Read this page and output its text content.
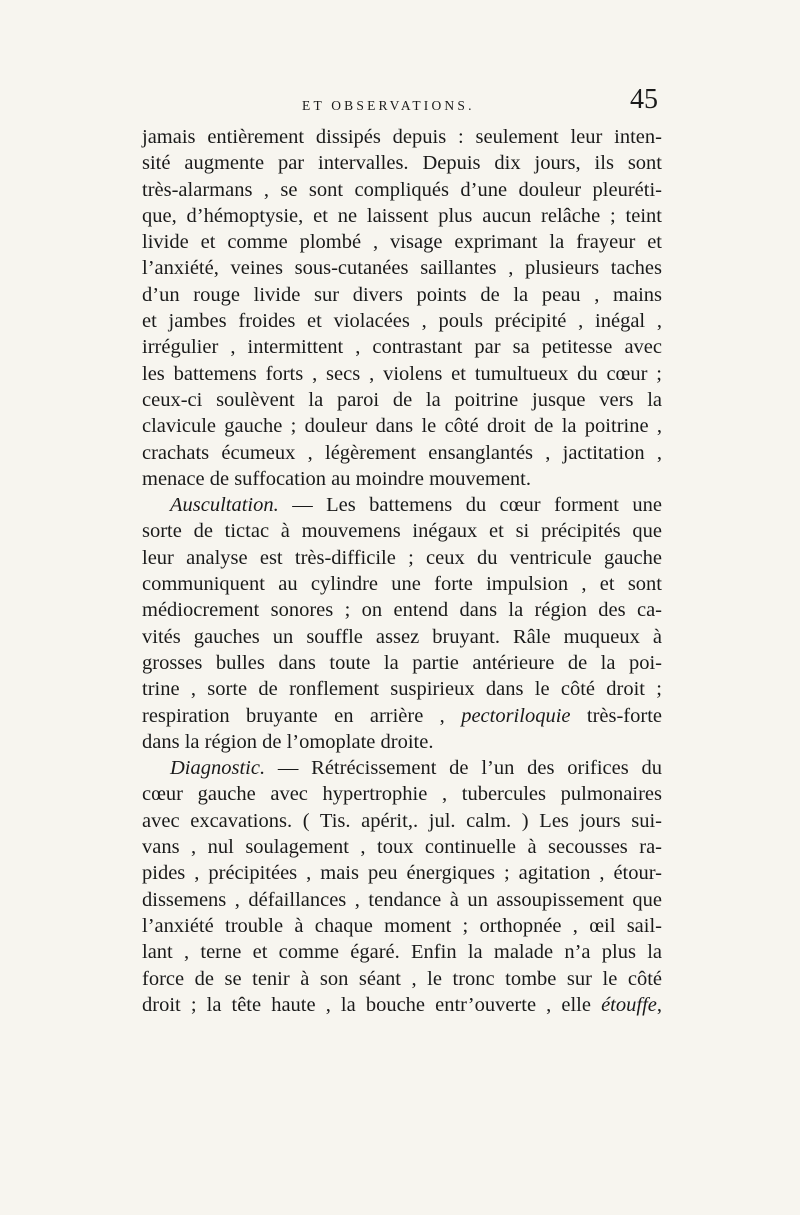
ET OBSERVATIONS.	45
jamais entièrement dissipés depuis : seulement leur inten-
sité augmente par intervalles. Depuis dix jours, ils sont
très-alarmans , se sont compliqués d’une douleur pleuréti-
que, d’hémoptysie, et ne laissent plus aucun relâche ; teint
livide et comme plombé , visage exprimant la frayeur et
l’anxiété, veines sous-cutanées saillantes , plusieurs taches
d’un rouge livide sur divers points de la peau , mains
et jambes froides et violacées , pouls précipité , inégal ,
irrégulier , intermittent , contrastant par sa petitesse avec
les battemens forts , secs , violens et tumultueux du cœur ;
ceux-ci soulèvent la paroi de la poitrine jusque vers la
clavicule gauche ; douleur dans le côté droit de la poitrine ,
crachats écumeux , légèrement ensanglantés , jactitation ,
menace de suffocation au moindre mouvement.
Auscultation. — Les battemens du cœur forment une
sorte de tictac à mouvemens inégaux et si précipités que
leur analyse est très-difficile ; ceux du ventricule gauche
communiquent au cylindre une forte impulsion , et sont
médiocrement sonores ; on entend dans la région des ca-
vités gauches un souffle assez bruyant. Râle muqueux à
grosses bulles dans toute la partie antérieure de la poi-
trine , sorte de ronflement suspirieux dans le côté droit ;
respiration bruyante en arrière , pectoriloquie très-forte
dans la région de l’omoplate droite.
Diagnostic. — Rétrécissement de l’un des orifices du
cœur gauche avec hypertrophie , tubercules pulmonaires
avec excavations. ( Tis. apérit,. jul. calm. ) Les jours sui-
vans , nul soulagement , toux continuelle à secousses ra-
pides , précipitées , mais peu énergiques ; agitation , étour-
dissemens , défaillances , tendance à un assoupissement que
l’anxiété trouble à chaque moment ; orthopnée , œil sail-
lant , terne et comme égaré. Enfin la malade n’a plus la
force de se tenir à son séant , le tronc tombe sur le côté
droit ; la tête haute , la bouche entr’ouverte , elle étouffe,
